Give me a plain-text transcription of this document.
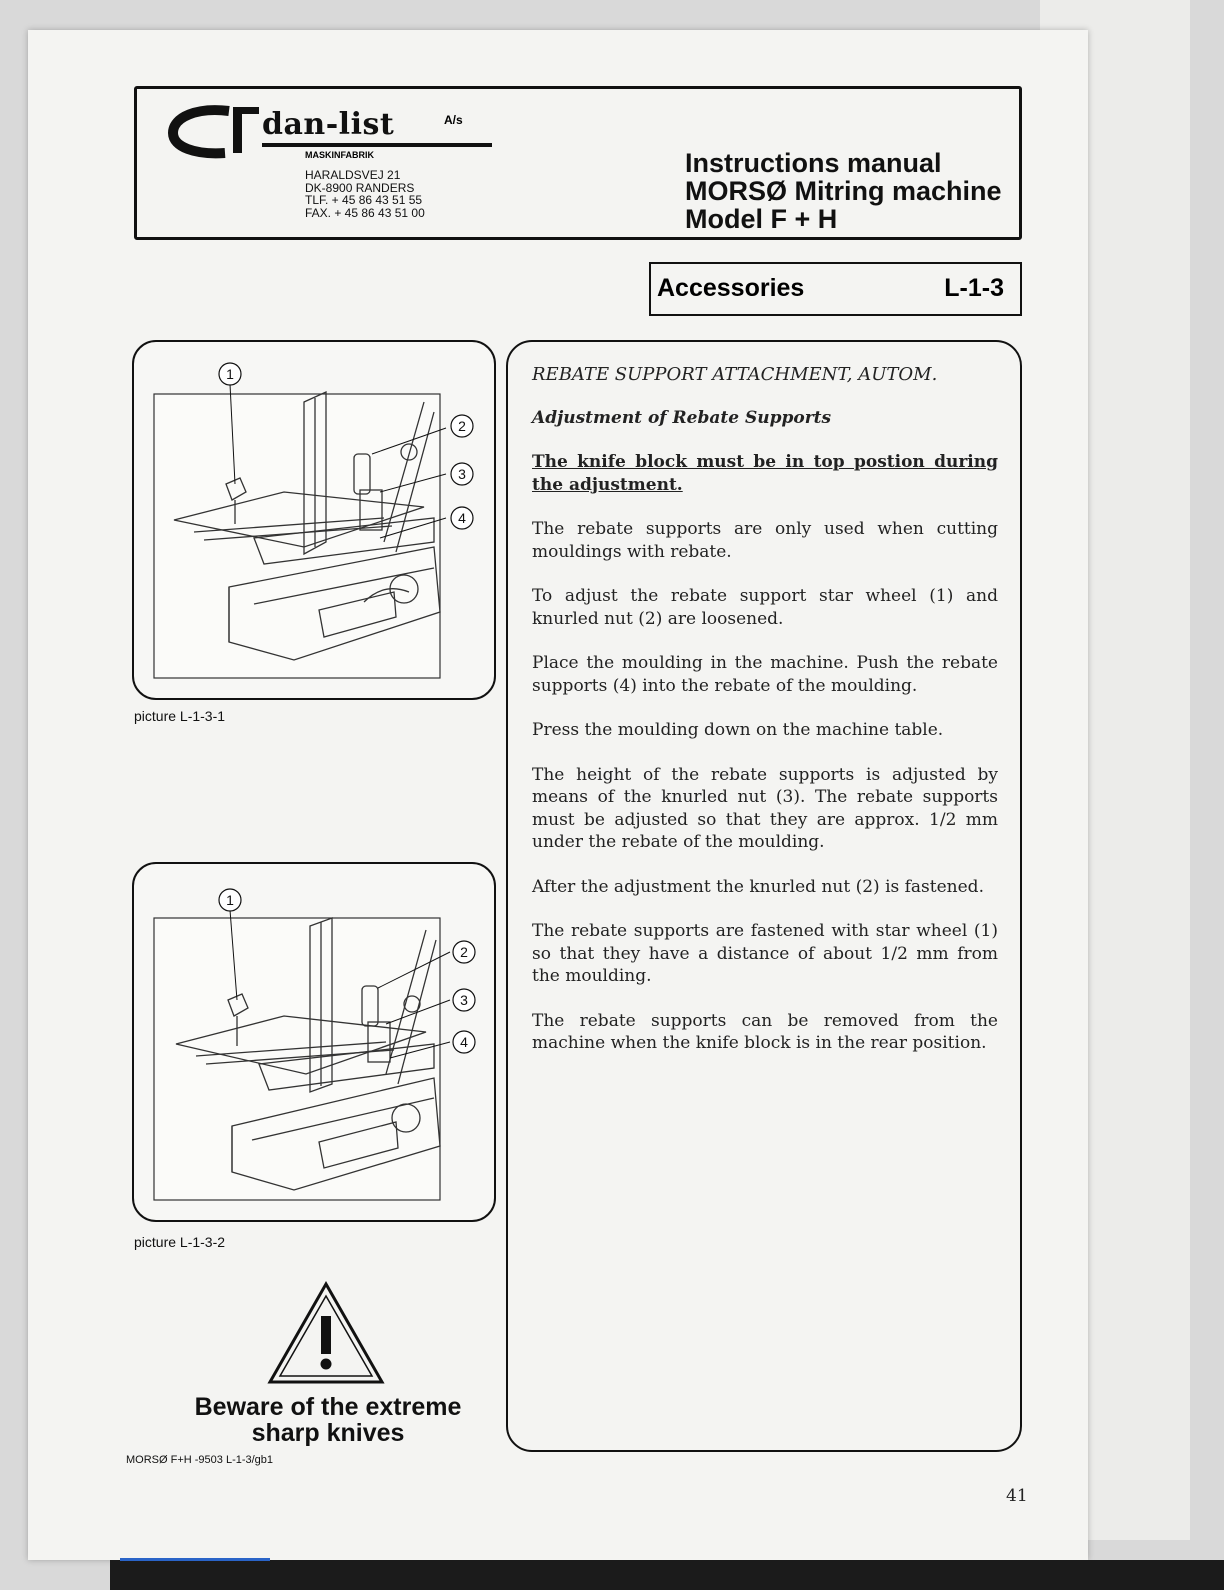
dan-list	A/s
MASKINFABRIK
HARALDSVEJ 21
DK-8900 RANDERS
TLF. + 45 86 43 51 55
FAX. + 45 86 43 51 00
Instructions manual
MORSØ Mitring machine
Model F + H
Accessories	L-1-3
1
2
3
4
picture L-1-3-1
1
2
3
4
picture L-1-3-2

REBATE SUPPORT ATTACHMENT, AUTOM.

Adjustment of Rebate Supports

The knife block must be in top postion during the adjustment.

The rebate supports are only used when cutting mouldings with rebate.

To adjust the rebate support star wheel (1) and knurled nut (2) are loosened.

Place the moulding in the machine. Push the rebate supports (4) into the rebate of the moulding.

Press the moulding down on the machine table.

The height of the rebate supports is adjusted by means of the knurled nut (3). The rebate supports must be adjusted so that they are approx. 1/2 mm under the rebate of the moulding.

After the adjustment the knurled nut (2) is fastened.

The rebate supports are fastened with star wheel (1) so that they have a distance of about 1/2 mm from the moulding.

The rebate supports can be removed from the machine when the knife block is in the rear position.

Beware of the extreme
sharp knives
MORSØ F+H -9503 L-1-3/gb1
41
